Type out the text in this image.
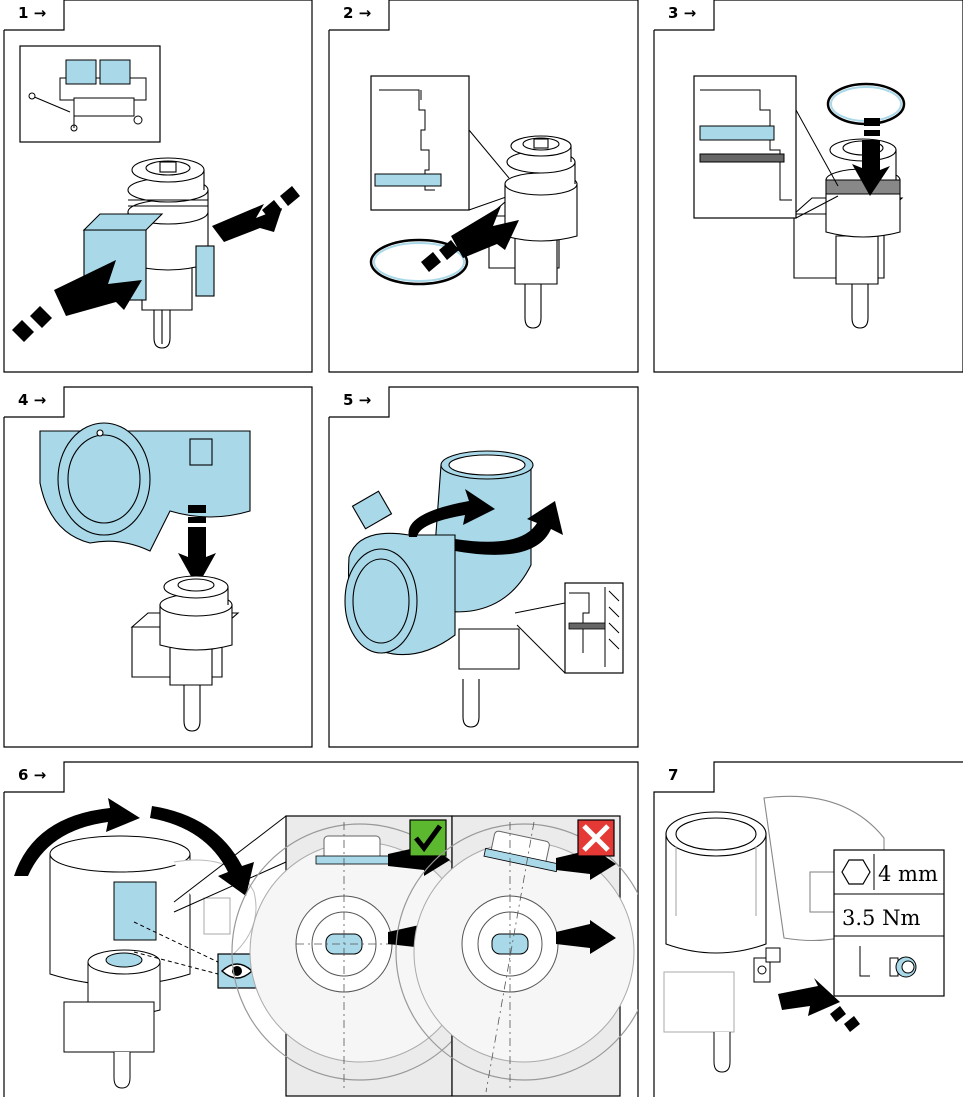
1 →	2 →	3 →
4 →	5 →
6 →	7
4 mm
3.5 Nm
